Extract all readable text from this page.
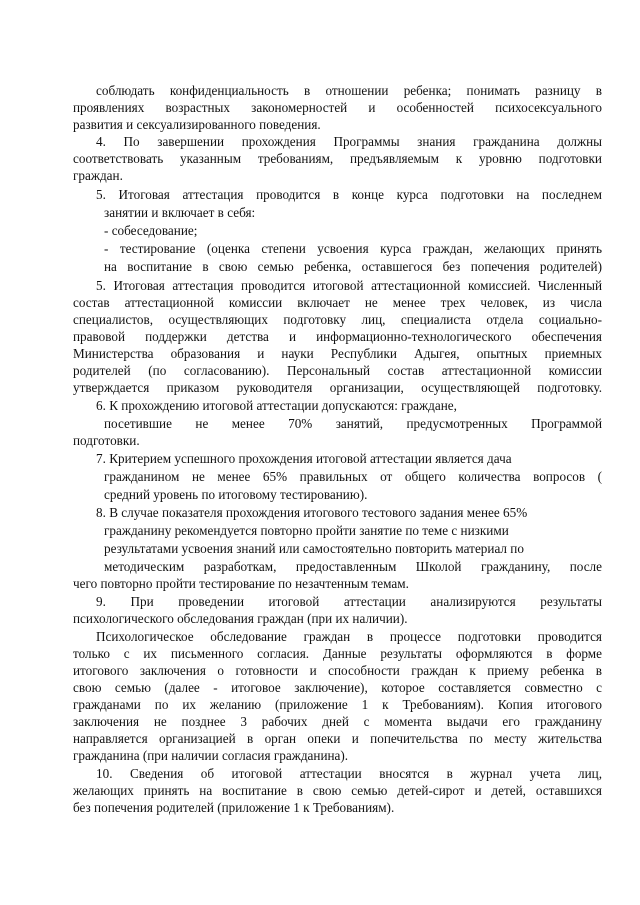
соблюдать конфиденциальность в отношении ребенка; понимать разницу в
проявлениях возрастных закономерностей и особенностей психосексуального
развития и сексуализированного поведения.
4. По завершении прохождения Программы знания гражданина должны
соответствовать указанным требованиям, предъявляемым к уровню подготовки
граждан.
5. Итоговая аттестация проводится в конце курса подготовки на последнем
занятии и включает в себя:
- собеседование;
- тестирование (оценка степени усвоения курса граждан, желающих принять
на воспитание в свою семью ребенка, оставшегося без попечения родителей)
5. Итоговая аттестация проводится итоговой аттестационной комиссией. Численный
состав аттестационной комиссии включает не менее трех человек, из числа
специалистов, осуществляющих подготовку лиц, специалиста отдела социально-
правовой поддержки детства и информационно-технологического обеспечения
Министерства образования и науки Республики Адыгея, опытных приемных
родителей (по согласованию). Персональный состав аттестационной комиссии
утверждается приказом руководителя организации, осуществляющей подготовку.
6. К прохождению итоговой аттестации допускаются: граждане,
посетившие не менее 70% занятий, предусмотренных Программой
подготовки.
7. Критерием успешного прохождения итоговой аттестации является дача
гражданином не менее 65% правильных от общего количества вопросов (
средний уровень по итоговому тестированию).
8. В случае показателя прохождения итогового тестового задания менее 65%
гражданину рекомендуется повторно пройти занятие по теме с низкими
результатами усвоения знаний или самостоятельно повторить материал по
методическим разработкам, предоставленным Школой гражданину, после
чего повторно пройти тестирование по незачтенным темам.
9. При проведении итоговой аттестации анализируются результаты
психологического обследования граждан (при их наличии).
Психологическое обследование граждан в процессе подготовки проводится
только с их письменного согласия. Данные результаты оформляются в форме
итогового заключения о готовности и способности граждан к приему ребенка в
свою семью (далее - итоговое заключение), которое составляется совместно с
гражданами по их желанию (приложение 1 к Требованиям). Копия итогового
заключения не позднее 3 рабочих дней с момента выдачи его гражданину
направляется организацией в орган опеки и попечительства по месту жительства
гражданина (при наличии согласия гражданина).
10. Сведения об итоговой аттестации вносятся в журнал учета лиц,
желающих принять на воспитание в свою семью детей-сирот и детей, оставшихся
без попечения родителей (приложение 1 к Требованиям).
